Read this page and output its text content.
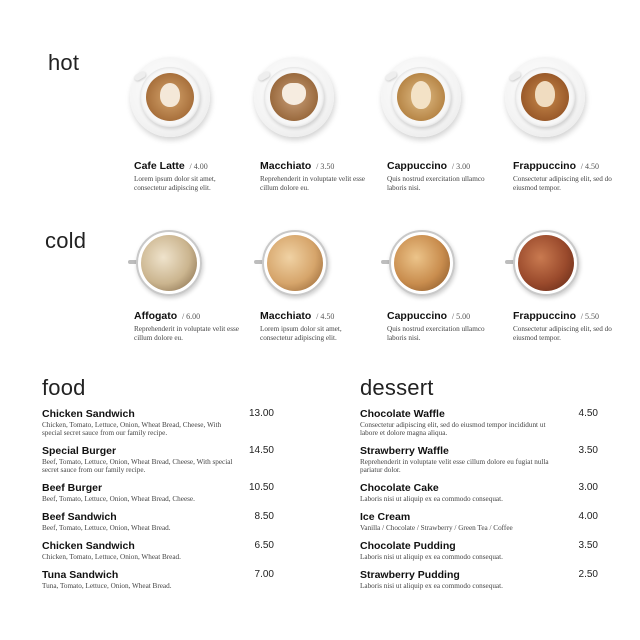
hot
Cafe Latte / 4.00
Lorem ipsum dolor sit amet, consectetur adipiscing elit.
Macchiato / 3.50
Reprehenderit in voluptate velit esse cillum dolore eu.
Cappuccino / 3.00
Quis nostrud exercitation ullamco laboris nisi.
Frappuccino / 4.50
Consectetur adipiscing elit, sed do eiusmod tempor.
cold
Affogato / 6.00
Reprehenderit in voluptate velit esse cillum dolore eu.
Macchiato / 4.50
Lorem ipsum dolor sit amet, consectetur adipiscing elit.
Cappuccino / 5.00
Quis nostrud exercitation ullamco laboris nisi.
Frappuccino / 5.50
Consectetur adipiscing elit, sed do eiusmod tempor.
food
Chicken Sandwich	13.00
Chicken, Tomato, Lettuce, Onion, Wheat Bread, Cheese, With special secret sauce from our family recipe.
Special Burger	14.50
Beef, Tomato, Lettuce, Onion, Wheat Bread, Cheese, With special secret sauce from our family recipe.
Beef Burger	10.50
Beef, Tomato, Lettuce, Onion, Wheat Bread, Cheese.
Beef Sandwich	8.50
Beef, Tomato, Lettuce, Onion, Wheat Bread.
Chicken Sandwich	6.50
Chicken, Tomato, Lettuce, Onion, Wheat Bread.
Tuna Sandwich	7.00
Tuna, Tomato, Lettuce, Onion, Wheat Bread.
dessert
Chocolate Waffle	4.50
Consectetur adipiscing elit, sed do eiusmod tempor incididunt ut labore et dolore magna aliqua.
Strawberry Waffle	3.50
Reprehenderit in voluptate velit esse cillum dolore eu fugiat nulla pariatur dolor.
Chocolate Cake	3.00
Laboris nisi ut aliquip ex ea commodo consequat.
Ice Cream	4.00
Vanilla / Chocolate / Strawberry / Green Tea / Coffee
Chocolate Pudding	3.50
Laboris nisi ut aliquip ex ea commodo consequat.
Strawberry Pudding	2.50
Laboris nisi ut aliquip ex ea commodo consequat.
